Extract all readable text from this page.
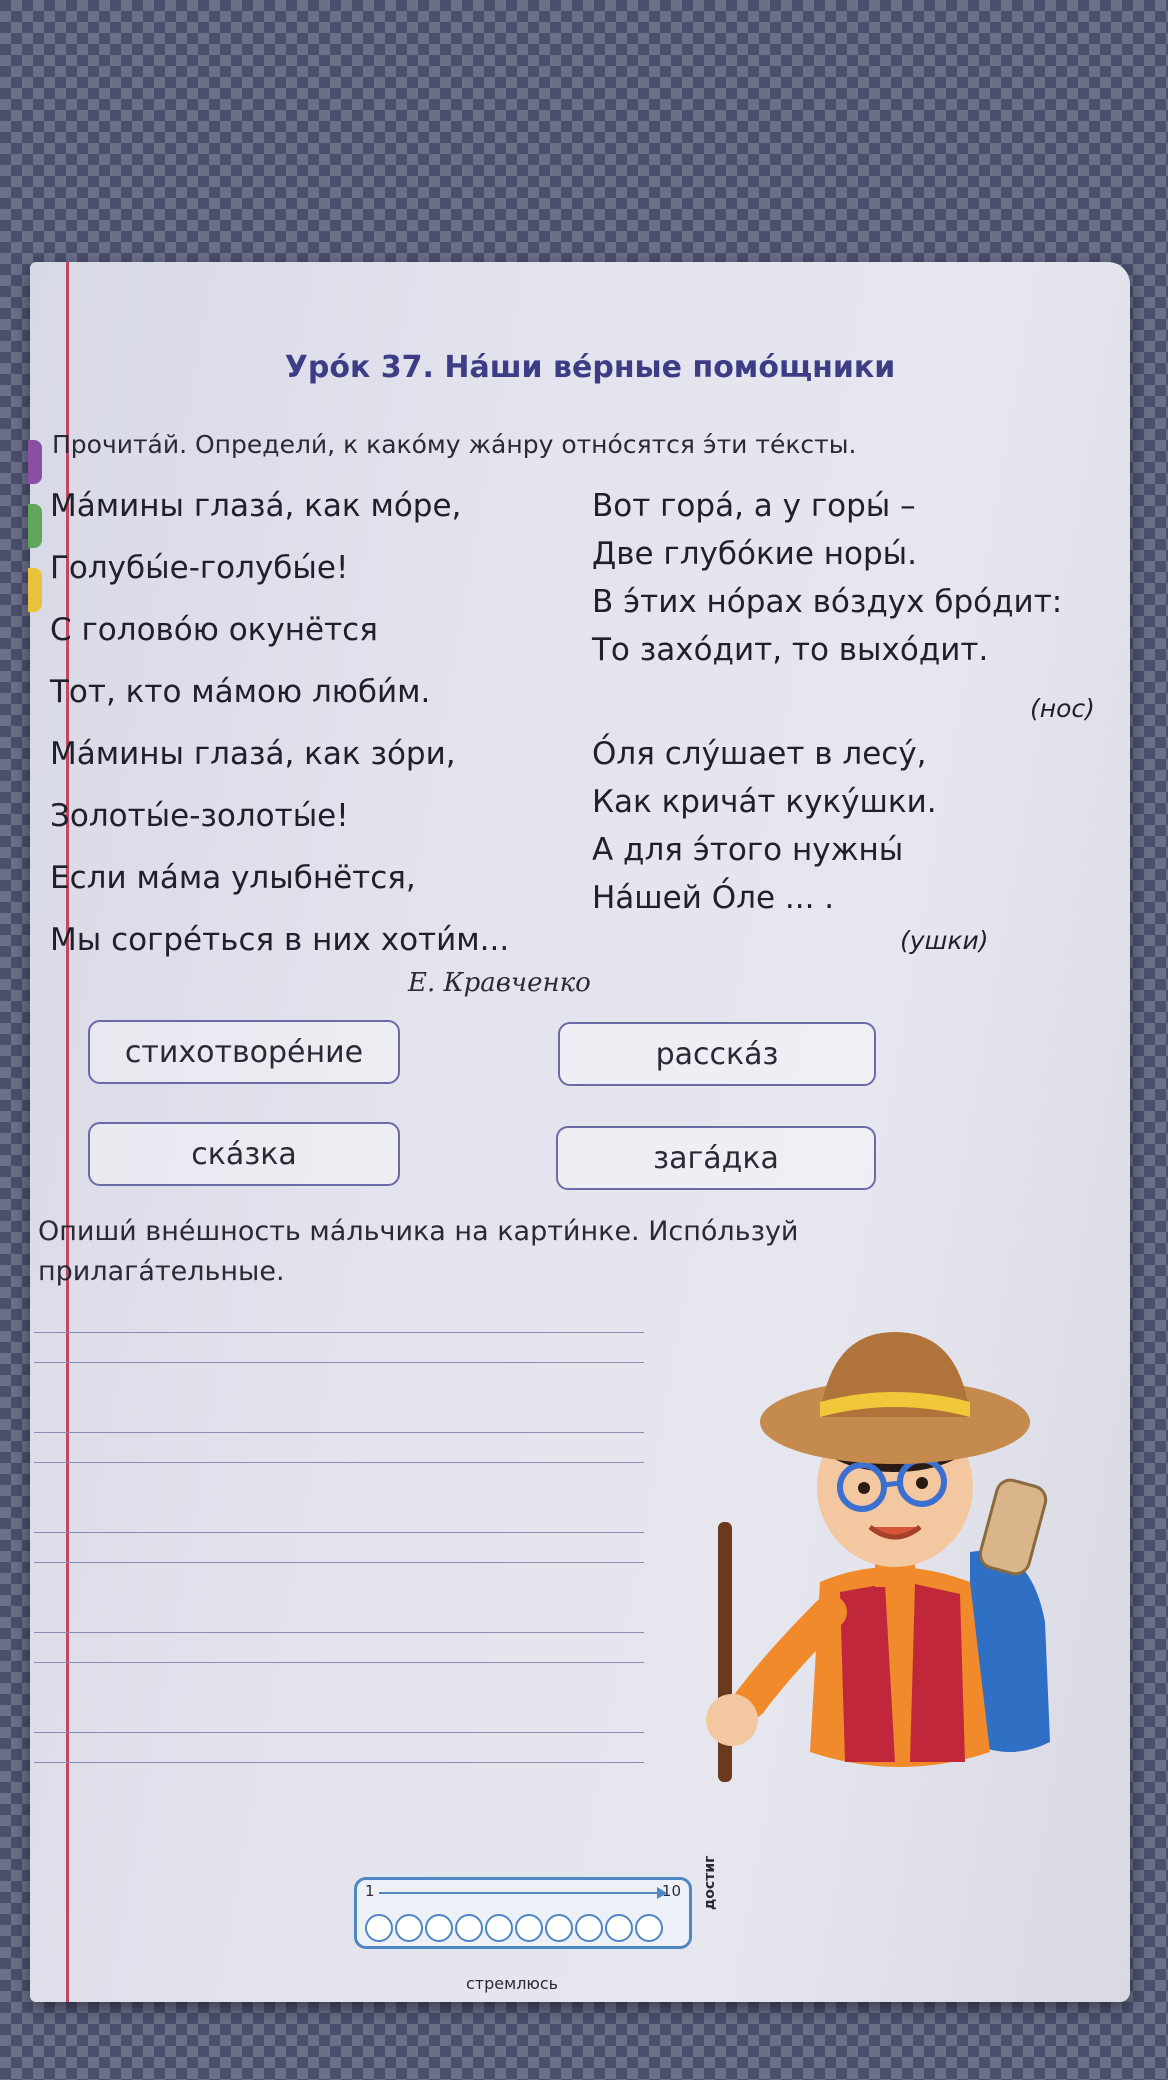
Уро́к 37. На́ши ве́рные помо́щники
Прочита́й. Определи́, к како́му жа́нру отно́сятся э́ти те́ксты.
Ма́мины глаза́, как мо́ре,
Голубы́е-голубы́е!
С голово́ю окунётся
Тот, кто ма́мою люби́м.
Ма́мины глаза́, как зо́ри,
Золоты́е-золоты́е!
Если ма́ма улыбнётся,
Мы согре́ться в них хоти́м...
Е. Кравченко
Вот гора́, а у горы́ –
Две глубо́кие норы́.
В э́тих но́рах во́здух бро́дит:
То захо́дит, то выхо́дит.
(нос)
О́ля слу́шает в лесу́,
Как крича́т куку́шки.
А для э́того нужны́
На́шей О́ле ... .
(ушки)
стихотворе́ние	расска́з
ска́зка	зага́дка
Опиши́ вне́шность ма́льчика на карти́нке. Испо́льзуй прилага́тельные.
1	10
стремлюсь
достиг
